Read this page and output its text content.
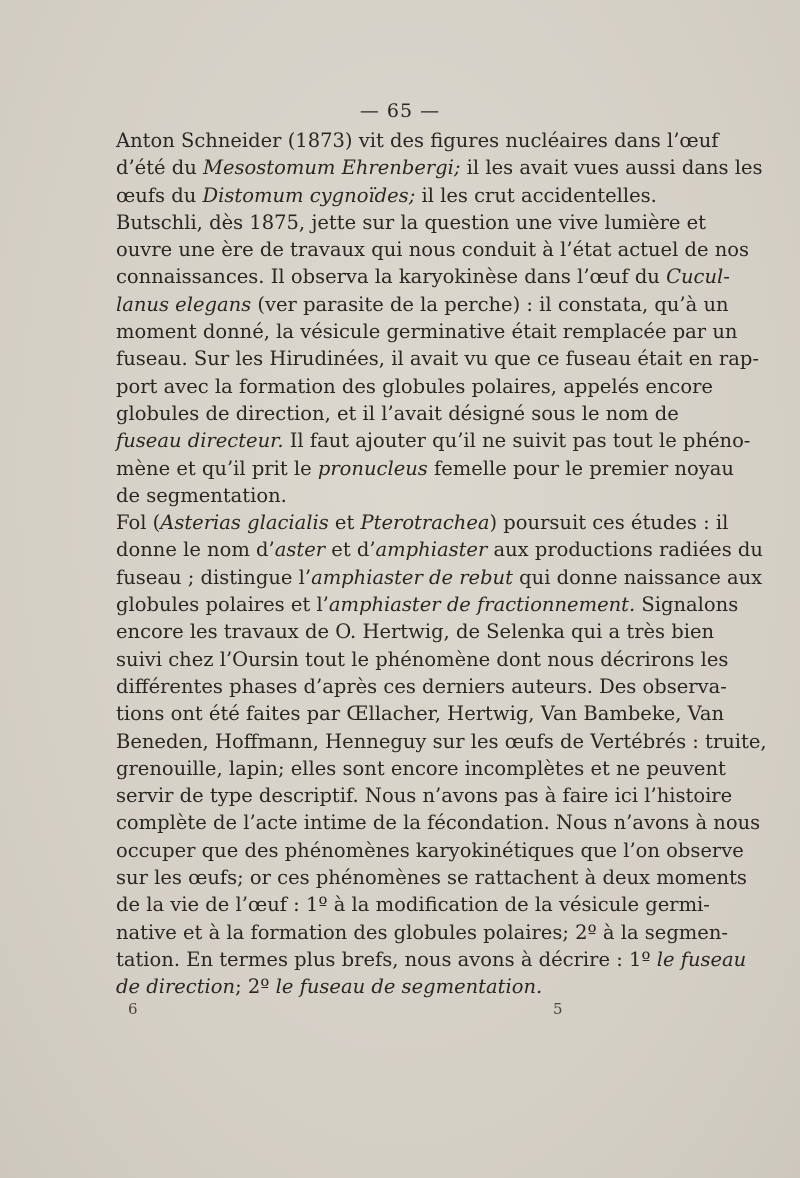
— 65 —
Anton Schneider (1873) vit des figures nucléaires dans l’œuf
d’été du Mesostomum Ehrenbergi; il les avait vues aussi dans les
œufs du Distomum cygnoïdes; il les crut accidentelles.
Butschli, dès 1875, jette sur la question une vive lumière et
ouvre une ère de travaux qui nous conduit à l’état actuel de nos
connaissances. Il observa la karyokinèse dans l’œuf du Cucul-
lanus elegans (ver parasite de la perche) : il constata, qu’à un
moment donné, la vésicule germinative était remplacée par un
fuseau. Sur les Hirudinées, il avait vu que ce fuseau était en rap-
port avec la formation des globules polaires, appelés encore
globules de direction, et il l’avait désigné sous le nom de
fuseau directeur. Il faut ajouter qu’il ne suivit pas tout le phéno-
mène et qu’il prit le pronucleus femelle pour le premier noyau
de segmentation.
Fol (Asterias glacialis et Pterotrachea) poursuit ces études : il
donne le nom d’aster et d’amphiaster aux productions radiées du
fuseau ; distingue l’amphiaster de rebut qui donne naissance aux
globules polaires et l’amphiaster de fractionnement. Signalons
encore les travaux de O. Hertwig, de Selenka qui a très bien
suivi chez l’Oursin tout le phénomène dont nous décrirons les
différentes phases d’après ces derniers auteurs. Des observa-
tions ont été faites par Œllacher, Hertwig, Van Bambeke, Van
Beneden, Hoffmann, Henneguy sur les œufs de Vertébrés : truite,
grenouille, lapin; elles sont encore incomplètes et ne peuvent
servir de type descriptif. Nous n’avons pas à faire ici l’histoire
complète de l’acte intime de la fécondation. Nous n’avons à nous
occuper que des phénomènes karyokinétiques que l’on observe
sur les œufs; or ces phénomènes se rattachent à deux moments
de la vie de l’œuf : 1º à la modification de la vésicule germi-
native et à la formation des globules polaires; 2º à la segmen-
tation. En termes plus brefs, nous avons à décrire : 1º le fuseau
de direction; 2º le fuseau de segmentation.
6	5
